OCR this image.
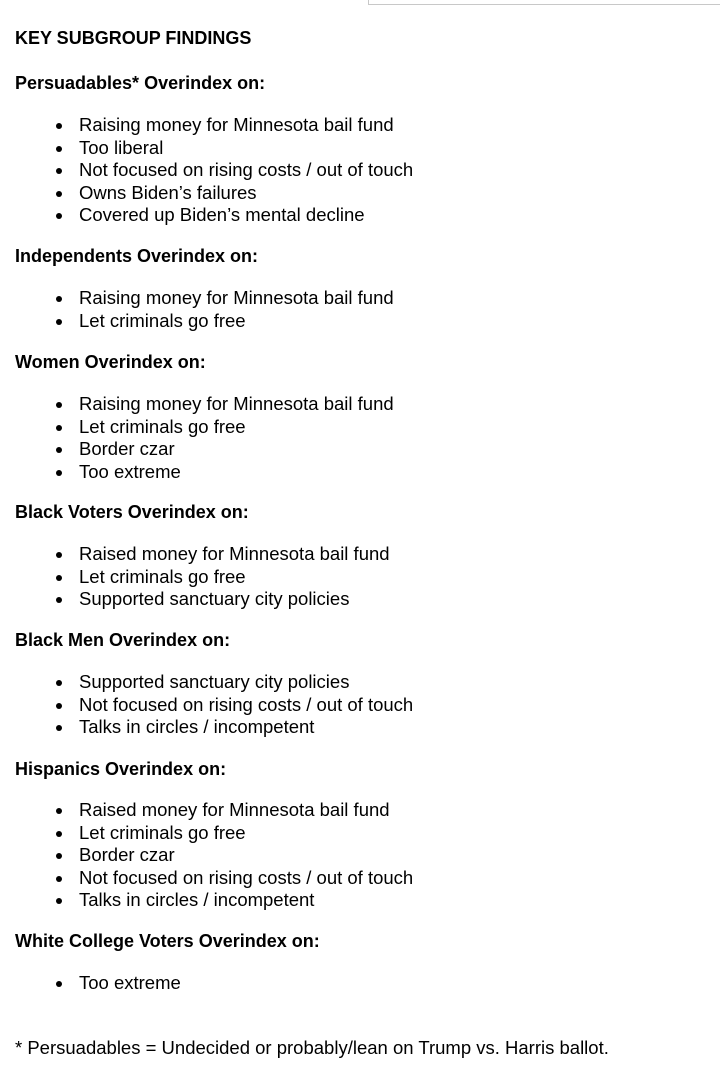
KEY SUBGROUP FINDINGS
Persuadables* Overindex on:
Raising money for Minnesota bail fund
Too liberal
Not focused on rising costs / out of touch
Owns Biden’s failures
Covered up Biden’s mental decline
Independents Overindex on:
Raising money for Minnesota bail fund
Let criminals go free
Women Overindex on:
Raising money for Minnesota bail fund
Let criminals go free
Border czar
Too extreme
Black Voters Overindex on:
Raised money for Minnesota bail fund
Let criminals go free
Supported sanctuary city policies
Black Men Overindex on:
Supported sanctuary city policies
Not focused on rising costs / out of touch
Talks in circles / incompetent
Hispanics Overindex on:
Raised money for Minnesota bail fund
Let criminals go free
Border czar
Not focused on rising costs / out of touch
Talks in circles / incompetent
White College Voters Overindex on:
Too extreme
* Persuadables = Undecided or probably/lean on Trump vs. Harris ballot.
